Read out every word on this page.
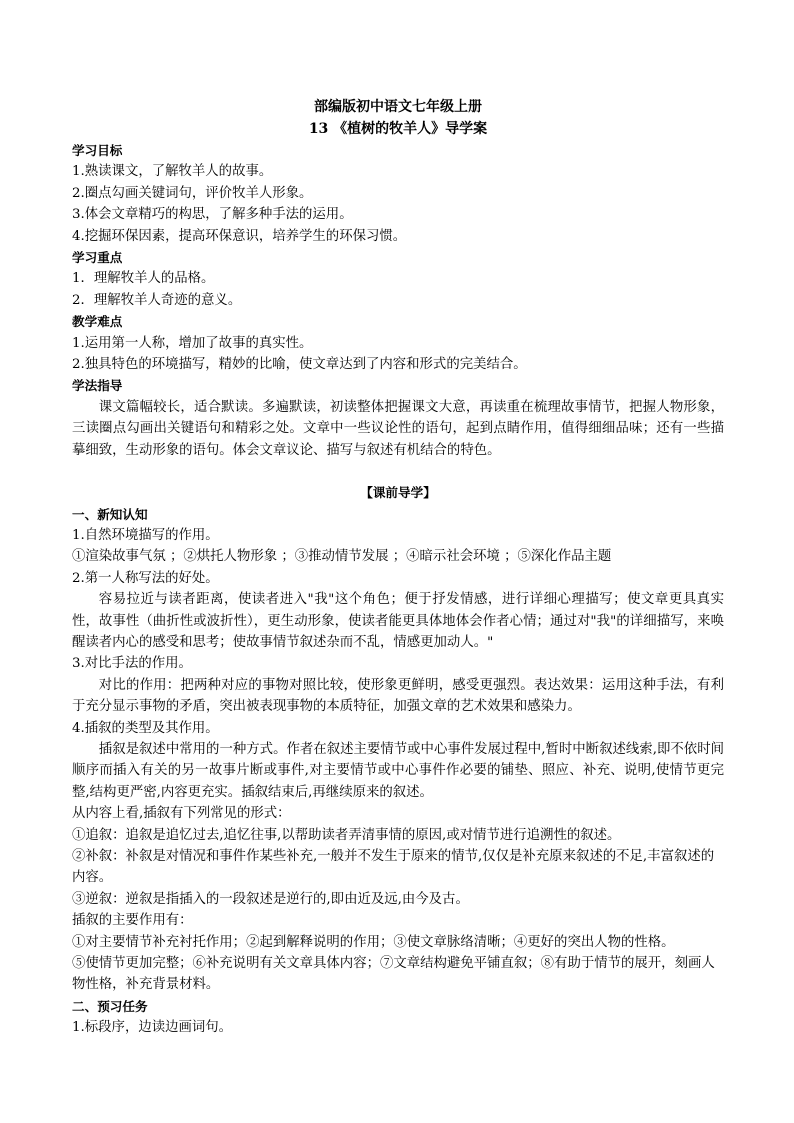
部编版初中语文七年级上册
13 《植树的牧羊人》导学案
学习目标

1.熟读课文，了解牧羊人的故事。

2.圈点勾画关键词句，评价牧羊人形象。

3.体会文章精巧的构思，了解多种手法的运用。

4.挖掘环保因素，提高环保意识，培养学生的环保习惯。

学习重点

1．理解牧羊人的品格。

2．理解牧羊人奇迹的意义。

教学难点

1.运用第一人称，增加了故事的真实性。

2.独具特色的环境描写，精妙的比喻，使文章达到了内容和形式的完美结合。

学法指导

课文篇幅较长，适合默读。多遍默读，初读整体把握课文大意，再读重在梳理故事情节，把握人物形象，三读圈点勾画出关键语句和精彩之处。文章中一些议论性的语句，起到点睛作用，值得细细品味；还有一些描摹细致，生动形象的语句。体会文章议论、描写与叙述有机结合的特色。

【课前导学】
一、新知认知

1.自然环境描写的作用。

①渲染故事气氛 ；②烘托人物形象 ；③推动情节发展 ；④暗示社会环境 ；⑤深化作品主题

2.第一人称写法的好处。

容易拉近与读者距离，使读者进入"我"这个角色；便于抒发情感，进行详细心理描写；使文章更具真实性，故事性（曲折性或波折性），更生动形象，使读者能更具体地体会作者心情；通过对"我"的详细描写，来唤醒读者内心的感受和思考；使故事情节叙述杂而不乱，情感更加动人。"

3.对比手法的作用。

对比的作用：把两种对应的事物对照比较，使形象更鲜明，感受更强烈。表达效果：运用这种手法，有利于充分显示事物的矛盾，突出被表现事物的本质特征，加强文章的艺术效果和感染力。

4.插叙的类型及其作用。

插叙是叙述中常用的一种方式。作者在叙述主要情节或中心事件发展过程中,暂时中断叙述线索,即不依时间顺序而插入有关的另一故事片断或事件,对主要情节或中心事件作必要的铺垫、照应、补充、说明,使情节更完整,结构更严密,内容更充实。插叙结束后,再继续原来的叙述。

从内容上看,插叙有下列常见的形式：

①追叙：追叙是追忆过去,追忆往事,以帮助读者弄清事情的原因,或对情节进行追溯性的叙述。

②补叙：补叙是对情况和事件作某些补充,一般并不发生于原来的情节,仅仅是补充原来叙述的不足,丰富叙述的内容。

③逆叙：逆叙是指插入的一段叙述是逆行的,即由近及远,由今及古。

插叙的主要作用有：

①对主要情节补充衬托作用；②起到解释说明的作用；③使文章脉络清晰；④更好的突出人物的性格。

⑤使情节更加完整；⑥补充说明有关文章具体内容；⑦文章结构避免平铺直叙；⑧有助于情节的展开，刻画人物性格，补充背景材料。

二、预习任务

1.标段序，边读边画词句。
